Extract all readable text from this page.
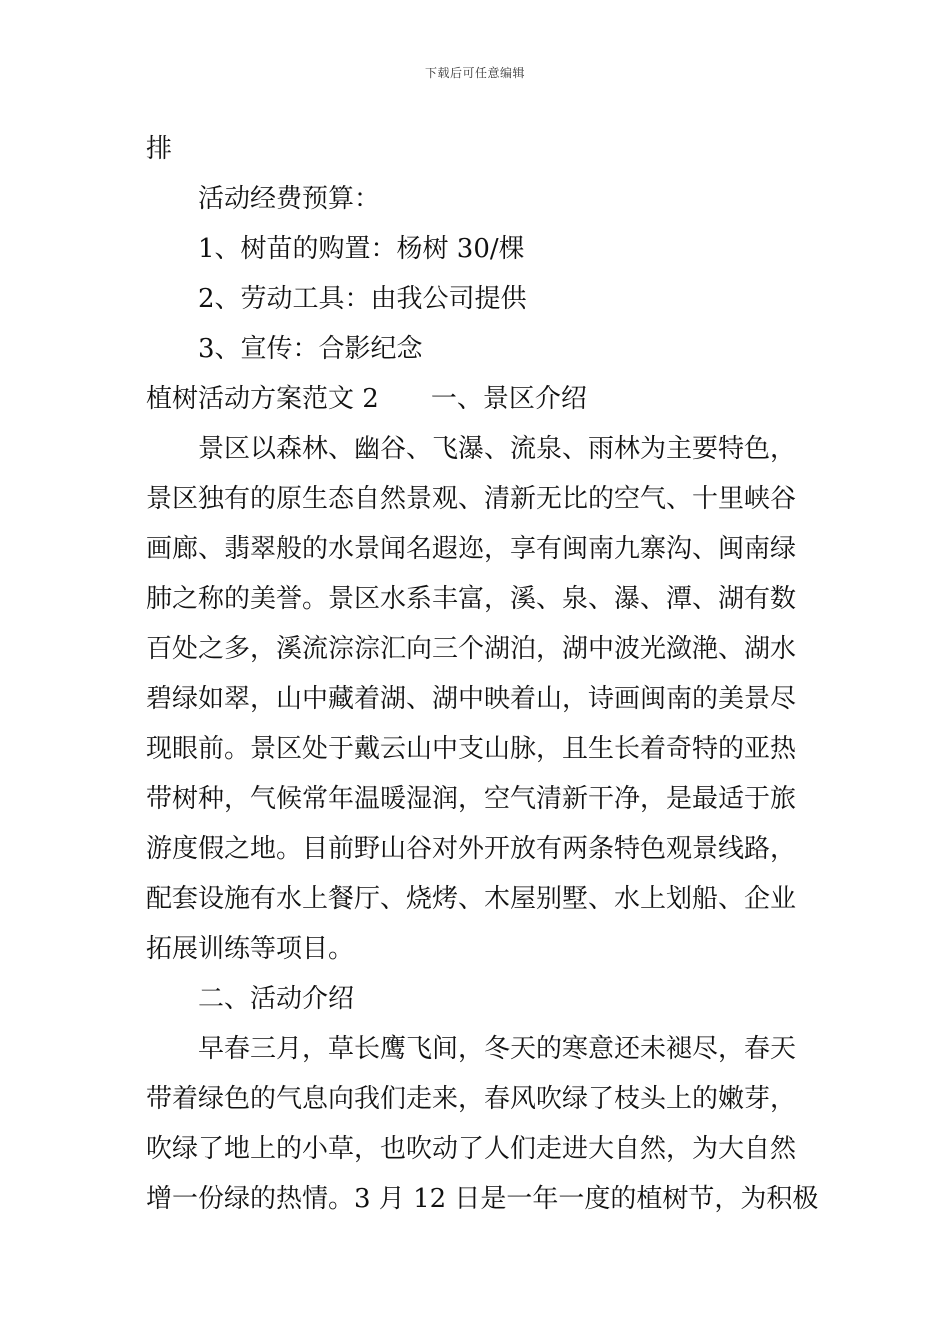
下载后可任意编辑
排
活动经费预算：
1、树苗的购置：杨树 30/棵
2、劳动工具：由我公司提供
3、宣传：合影纪念
植树活动方案范文 2 一、景区介绍
景区以森林、幽谷、飞瀑、流泉、雨林为主要特色，
景区独有的原生态自然景观、清新无比的空气、十里峡谷
画廊、翡翠般的水景闻名遐迩，享有闽南九寨沟、闽南绿
肺之称的美誉。景区水系丰富，溪、泉、瀑、潭、湖有数
百处之多，溪流淙淙汇向三个湖泊，湖中波光潋滟、湖水
碧绿如翠，山中藏着湖、湖中映着山，诗画闽南的美景尽
现眼前。景区处于戴云山中支山脉，且生长着奇特的亚热
带树种，气候常年温暖湿润，空气清新干净，是最适于旅
游度假之地。目前野山谷对外开放有两条特色观景线路，
配套设施有水上餐厅、烧烤、木屋别墅、水上划船、企业
拓展训练等项目。
二、活动介绍
早春三月，草长鹰飞间，冬天的寒意还未褪尽，春天
带着绿色的气息向我们走来，春风吹绿了枝头上的嫩芽，
吹绿了地上的小草，也吹动了人们走进大自然，为大自然
增一份绿的热情。3 月 12 日是一年一度的植树节，为积极
